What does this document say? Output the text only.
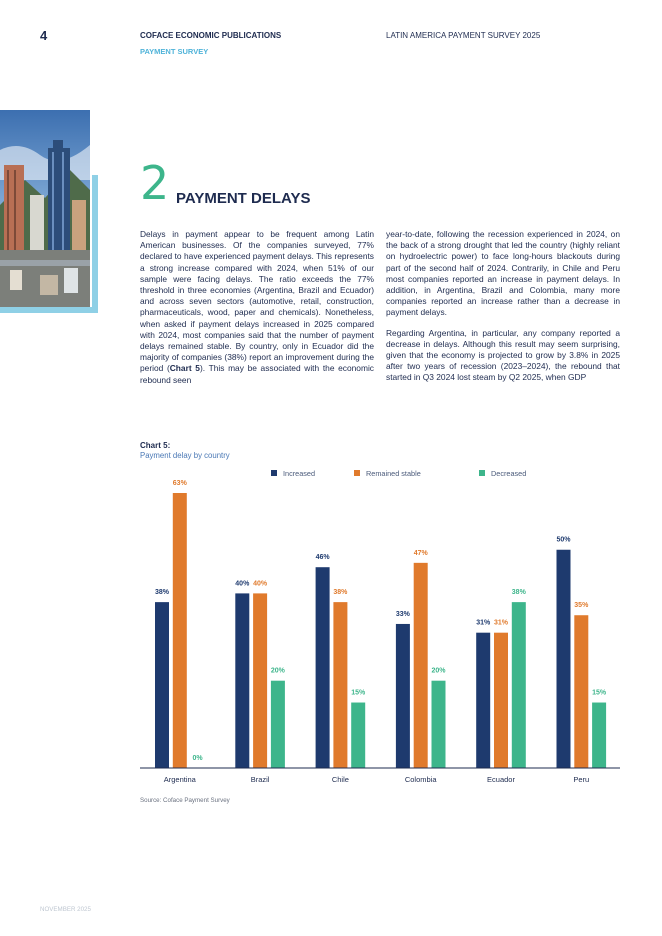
4	COFACE ECONOMIC PUBLICATIONS
PAYMENT SURVEY
LATIN AMERICA PAYMENT SURVEY 2025
2 PAYMENT DELAYS

Delays in payment appear to be frequent among Latin American businesses. Of the companies surveyed, 77% declared to have experienced payment delays. This represents a strong increase compared with 2024, when 51% of our sample were facing delays. The ratio exceeds the 77% threshold in three economies (Argentina, Brazil and Ecuador) and across seven sectors (automotive, retail, construction, pharmaceuticals, wood, paper and chemicals). Nonetheless, when asked if payment delays increased in 2025 compared with 2024, most companies said that the number of payment delays remained stable. By country, only in Ecuador did the majority of companies (38%) report an improvement during the period (Chart 5). This may be associated with the economic rebound seen

year-to-date, following the recession experienced in 2024, on the back of a strong drought that led the country (highly reliant on hydroelectric power) to face long-hours blackouts during part of the second half of 2024. Contrarily, in Chile and Peru most companies reported an increase in payment delays. In addition, in Argentina, Brazil and Colombia, many more companies reported an increase rather than a decrease in payment delays.

Regarding Argentina, in particular, any company reported a decrease in delays. Although this result may seem surprising, given that the economy is projected to grow by 3.8% in 2025 after two years of recession (2023–2024), the rebound that started in Q3 2024 lost steam by Q2 2025, when GDP

Chart 5:
Payment delay by country
Increased	Remained stable	Decreased
38%
63%
0%
Argentina
40% 40%
20%
Brazil
46%
38%
15%
Chile
33%
47%
20%
Colombia
31% 31%
38%
Ecuador
50%
35%
15%
Peru
Source: Coface Payment Survey
NOVEMBER 2025
